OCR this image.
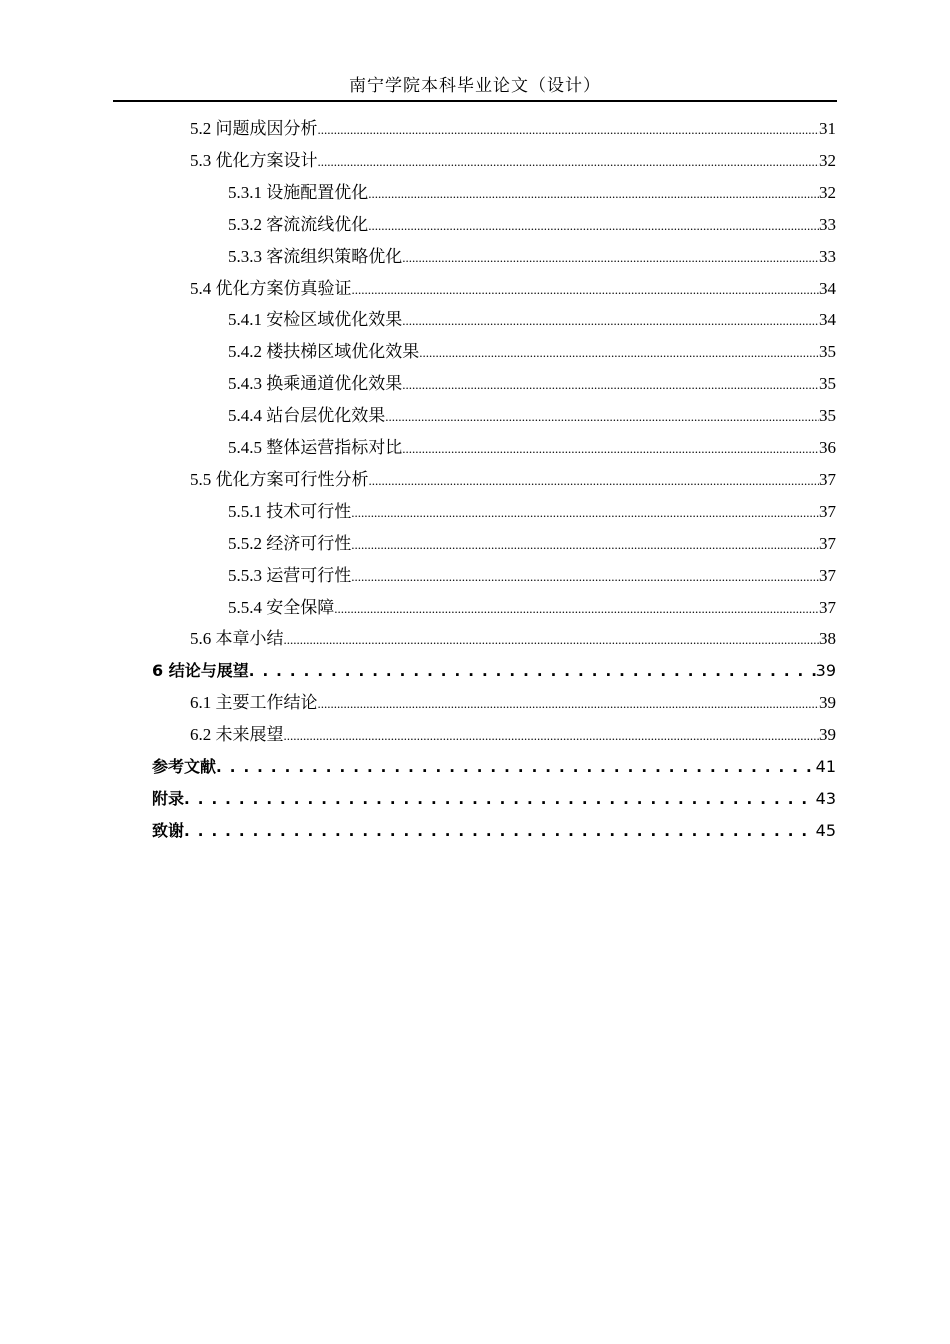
南宁学院本科毕业论文（设计）
5.2 问题成因分析 .....	31
5.3 优化方案设计 .....	32
5.3.1 设施配置优化 .....	32
5.3.2 客流流线优化 .....	33
5.3.3 客流组织策略优化 .....	33
5.4 优化方案仿真验证 .....	34
5.4.1 安检区域优化效果 .....	34
5.4.2 楼扶梯区域优化效果 .....	35
5.4.3 换乘通道优化效果 .....	35
5.4.4 站台层优化效果 .....	35
5.4.5 整体运营指标对比 .....	36
5.5 优化方案可行性分析 .....	37
5.5.1 技术可行性 .....	37
5.5.2 经济可行性 .....	37
5.5.3 运营可行性 .....	37
5.5.4 安全保障 .....	37
5.6 本章小结 .....	38
6 结论与展望 . . .	39
6.1 主要工作结论 .....	39
6.2 未来展望 .....	39
参考文献 . . .	41
附录 . . .	43
致谢 . . .	45
